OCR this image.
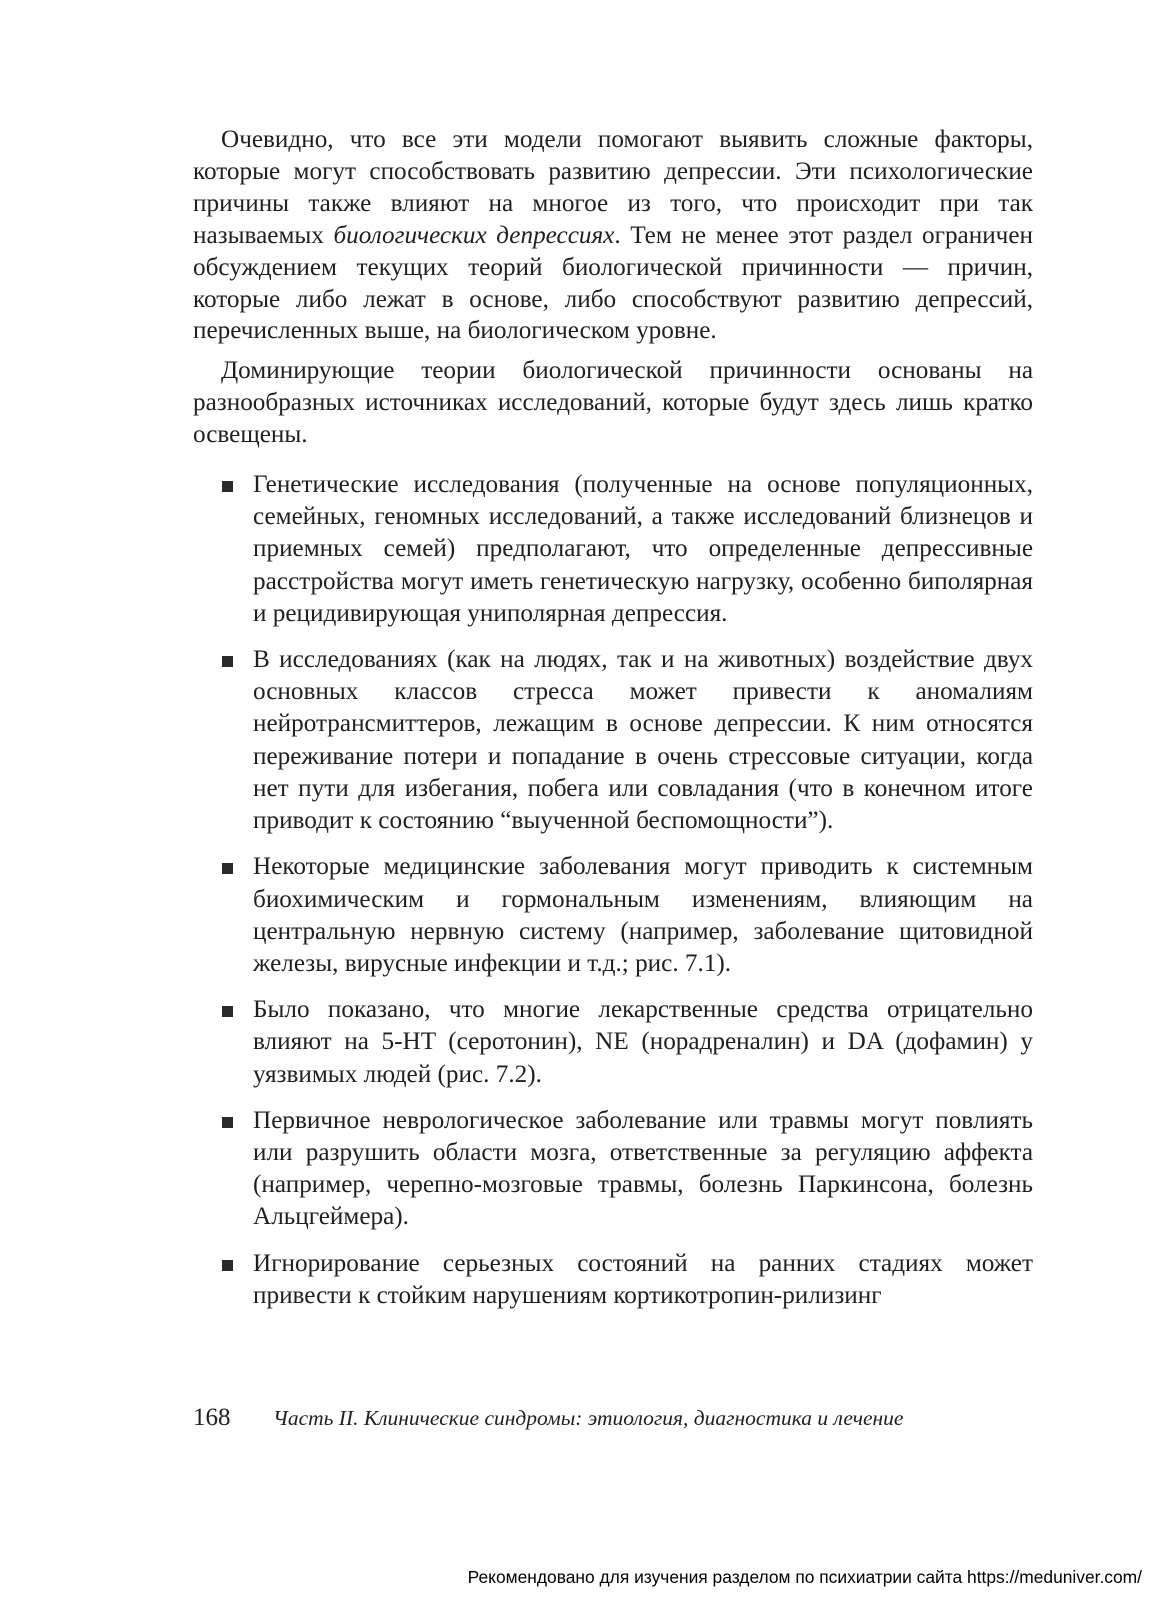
Очевидно, что все эти модели помогают выявить сложные факторы, которые могут способствовать развитию депрессии. Эти психологические причины также влияют на многое из того, что происходит при так называемых биологических депрессиях. Тем не менее этот раздел ограничен обсуждением текущих теорий биологической причинности — причин, которые либо лежат в основе, либо способствуют развитию депрессий, перечисленных выше, на биологическом уровне.

Доминирующие теории биологической причинности основаны на разнообразных источниках исследований, которые будут здесь лишь кратко освещены.

Генетические исследования (полученные на основе популяционных, семейных, геномных исследований, а также исследований близнецов и приемных семей) предполагают, что определенные депрессивные расстройства могут иметь генетическую нагрузку, особенно биполярная и рецидивирующая униполярная депрессия.
В исследованиях (как на людях, так и на животных) воздействие двух основных классов стресса может привести к аномалиям нейротрансмиттеров, лежащим в основе депрессии. К ним относятся переживание потери и попадание в очень стрессовые ситуации, когда нет пути для избегания, побега или совладания (что в конечном итоге приводит к состоянию “выученной беспомощности”).
Некоторые медицинские заболевания могут приводить к системным биохимическим и гормональным изменениям, влияющим на центральную нервную систему (например, заболевание щитовидной железы, вирусные инфекции и т.д.; рис. 7.1).
Было показано, что многие лекарственные средства отрицательно влияют на 5-HT (серотонин), NE (норадреналин) и DA (дофамин) у уязвимых людей (рис. 7.2).
Первичное неврологическое заболевание или травмы могут повлиять или разрушить области мозга, ответственные за регуляцию аффекта (например, черепно-мозговые травмы, болезнь Паркинсона, болезнь Альцгеймера).
Игнорирование серьезных состояний на ранних стадиях может привести к стойким нарушениям кортикотропин-рилизинг
168 Часть II. Клинические синдромы: этиология, диагностика и лечение
Рекомендовано для изучения разделом по психиатрии сайта https://meduniver.com/
